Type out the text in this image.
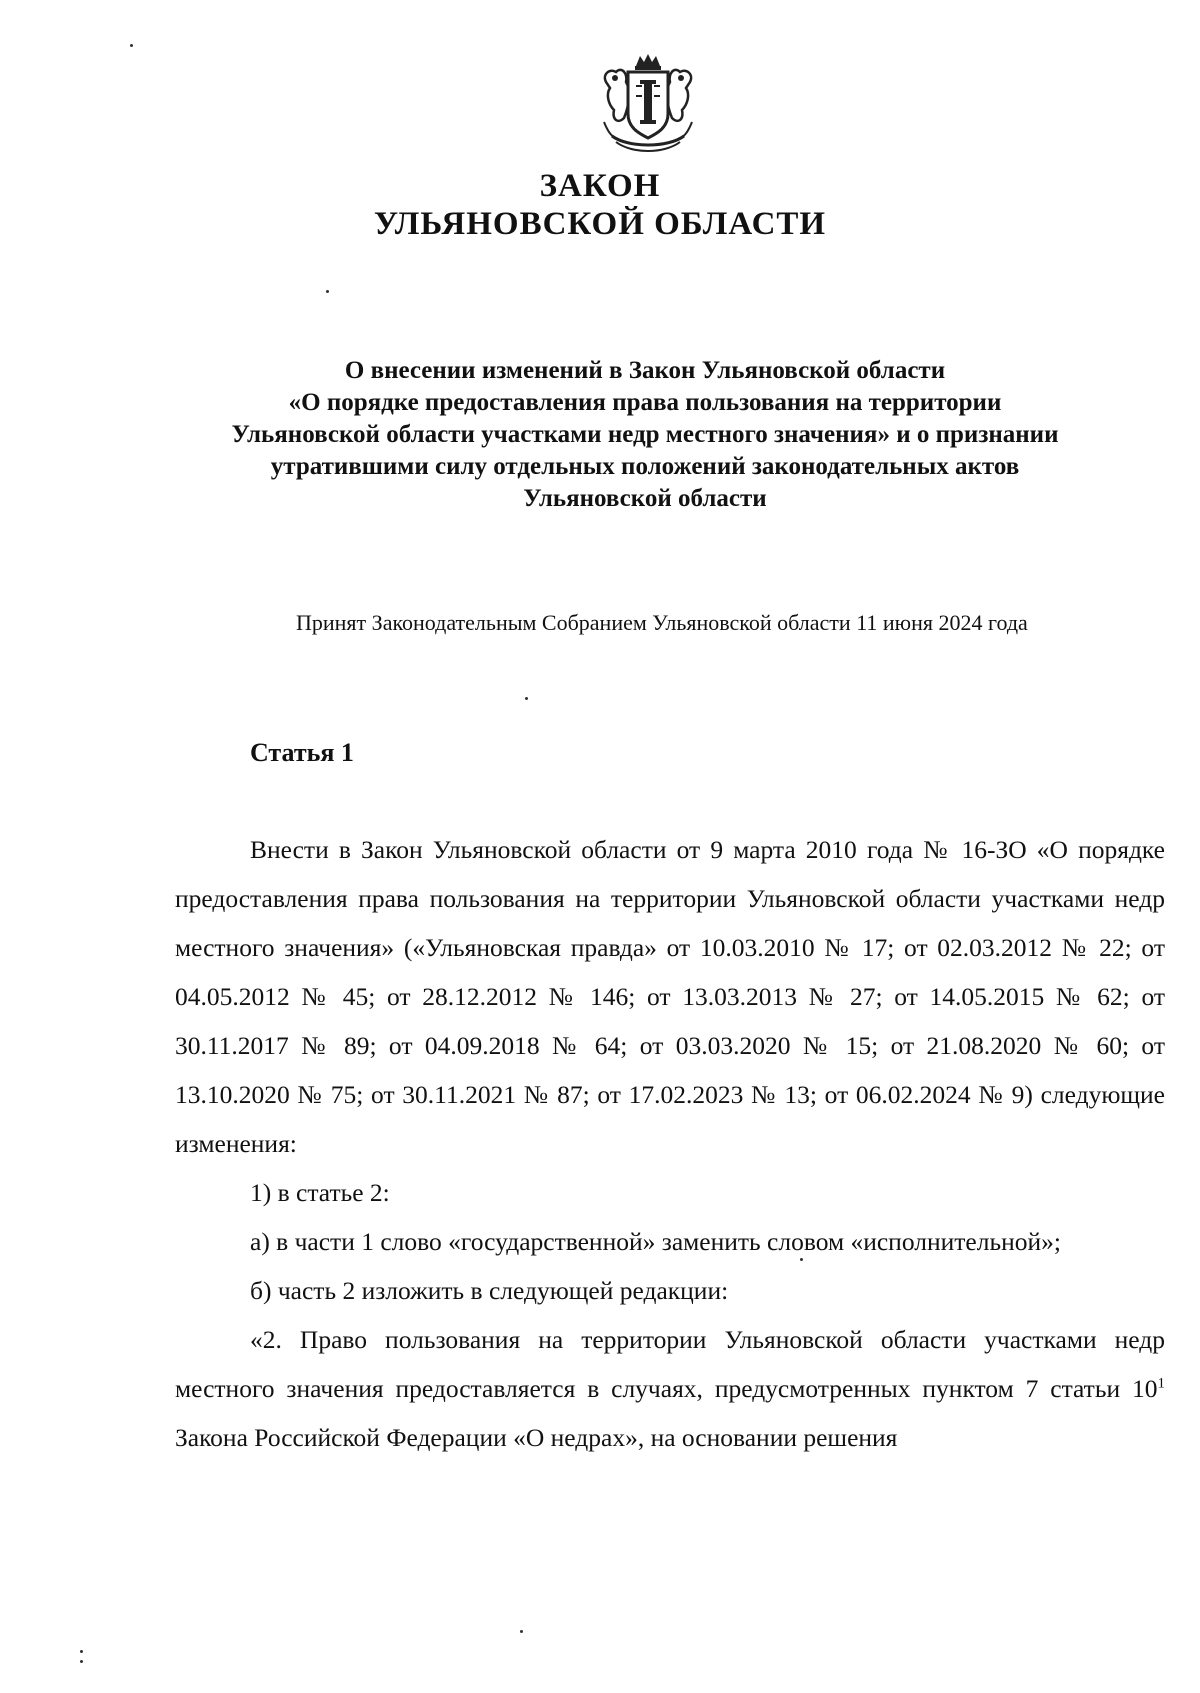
ЗАКОН
УЛЬЯНОВСКОЙ ОБЛАСТИ
О внесении изменений в Закон Ульяновской области
«О порядке предоставления права пользования на территории
Ульяновской области участками недр местного значения» и о признании
утратившими силу отдельных положений законодательных актов
Ульяновской области

Принят Законодательным Собранием Ульяновской области 11 июня 2024 года

Статья 1

Внести в Закон Ульяновской области от 9 марта 2010 года № 16-ЗО «О порядке предоставления права пользования на территории Ульяновской области участками недр местного значения» («Ульяновская правда» от 10.03.2010 № 17; от 02.03.2012 № 22; от 04.05.2012 № 45; от 28.12.2012 № 146; от 13.03.2013 № 27; от 14.05.2015 № 62; от 30.11.2017 № 89; от 04.09.2018 № 64; от 03.03.2020 № 15; от 21.08.2020 № 60; от 13.10.2020 № 75; от 30.11.2021 № 87; от 17.02.2023 № 13; от 06.02.2024 № 9) следующие изменения:

1) в статье 2:

а) в части 1 слово «государственной» заменить словом «исполнительной»;

б) часть 2 изложить в следующей редакции:

«2. Право пользования на территории Ульяновской области участками недр местного значения предоставляется в случаях, предусмотренных пунктом 7 статьи $10^1$ Закона Российской Федерации «О недрах», на основании решения
